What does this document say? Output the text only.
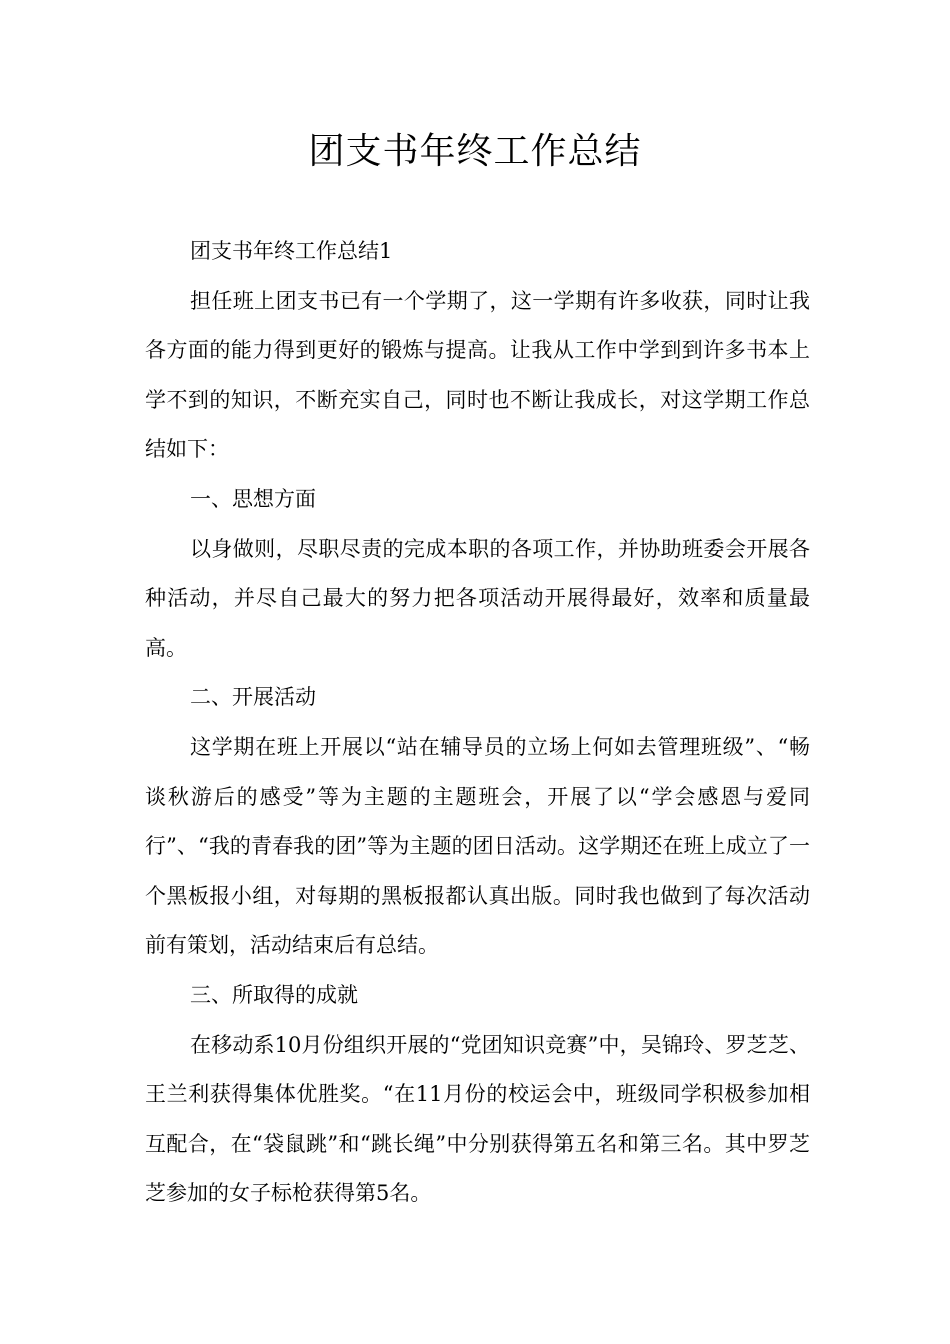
团支书年终工作总结

团支书年终工作总结1

担任班上团支书已有一个学期了，这一学期有许多收获，同时让我各方面的能力得到更好的锻炼与提高。让我从工作中学到到许多书本上学不到的知识，不断充实自己，同时也不断让我成长，对这学期工作总结如下：

一、思想方面

以身做则，尽职尽责的完成本职的各项工作，并协助班委会开展各种活动，并尽自己最大的努力把各项活动开展得最好，效率和质量最高。

二、开展活动

这学期在班上开展以“站在辅导员的立场上何如去管理班级”、“畅谈秋游后的感受”等为主题的主题班会，开展了以“学会感恩与爱同行”、“我的青春我的团”等为主题的团日活动。这学期还在班上成立了一个黑板报小组，对每期的黑板报都认真出版。同时我也做到了每次活动前有策划，活动结束后有总结。

三、所取得的成就

在移动系10月份组织开展的“党团知识竞赛”中，吴锦玲、罗芝芝、王兰利获得集体优胜奖。“在11月份的校运会中，班级同学积极参加相互配合，在“袋鼠跳”和“跳长绳”中分别获得第五名和第三名。其中罗芝芝参加的女子标枪获得第5名。
